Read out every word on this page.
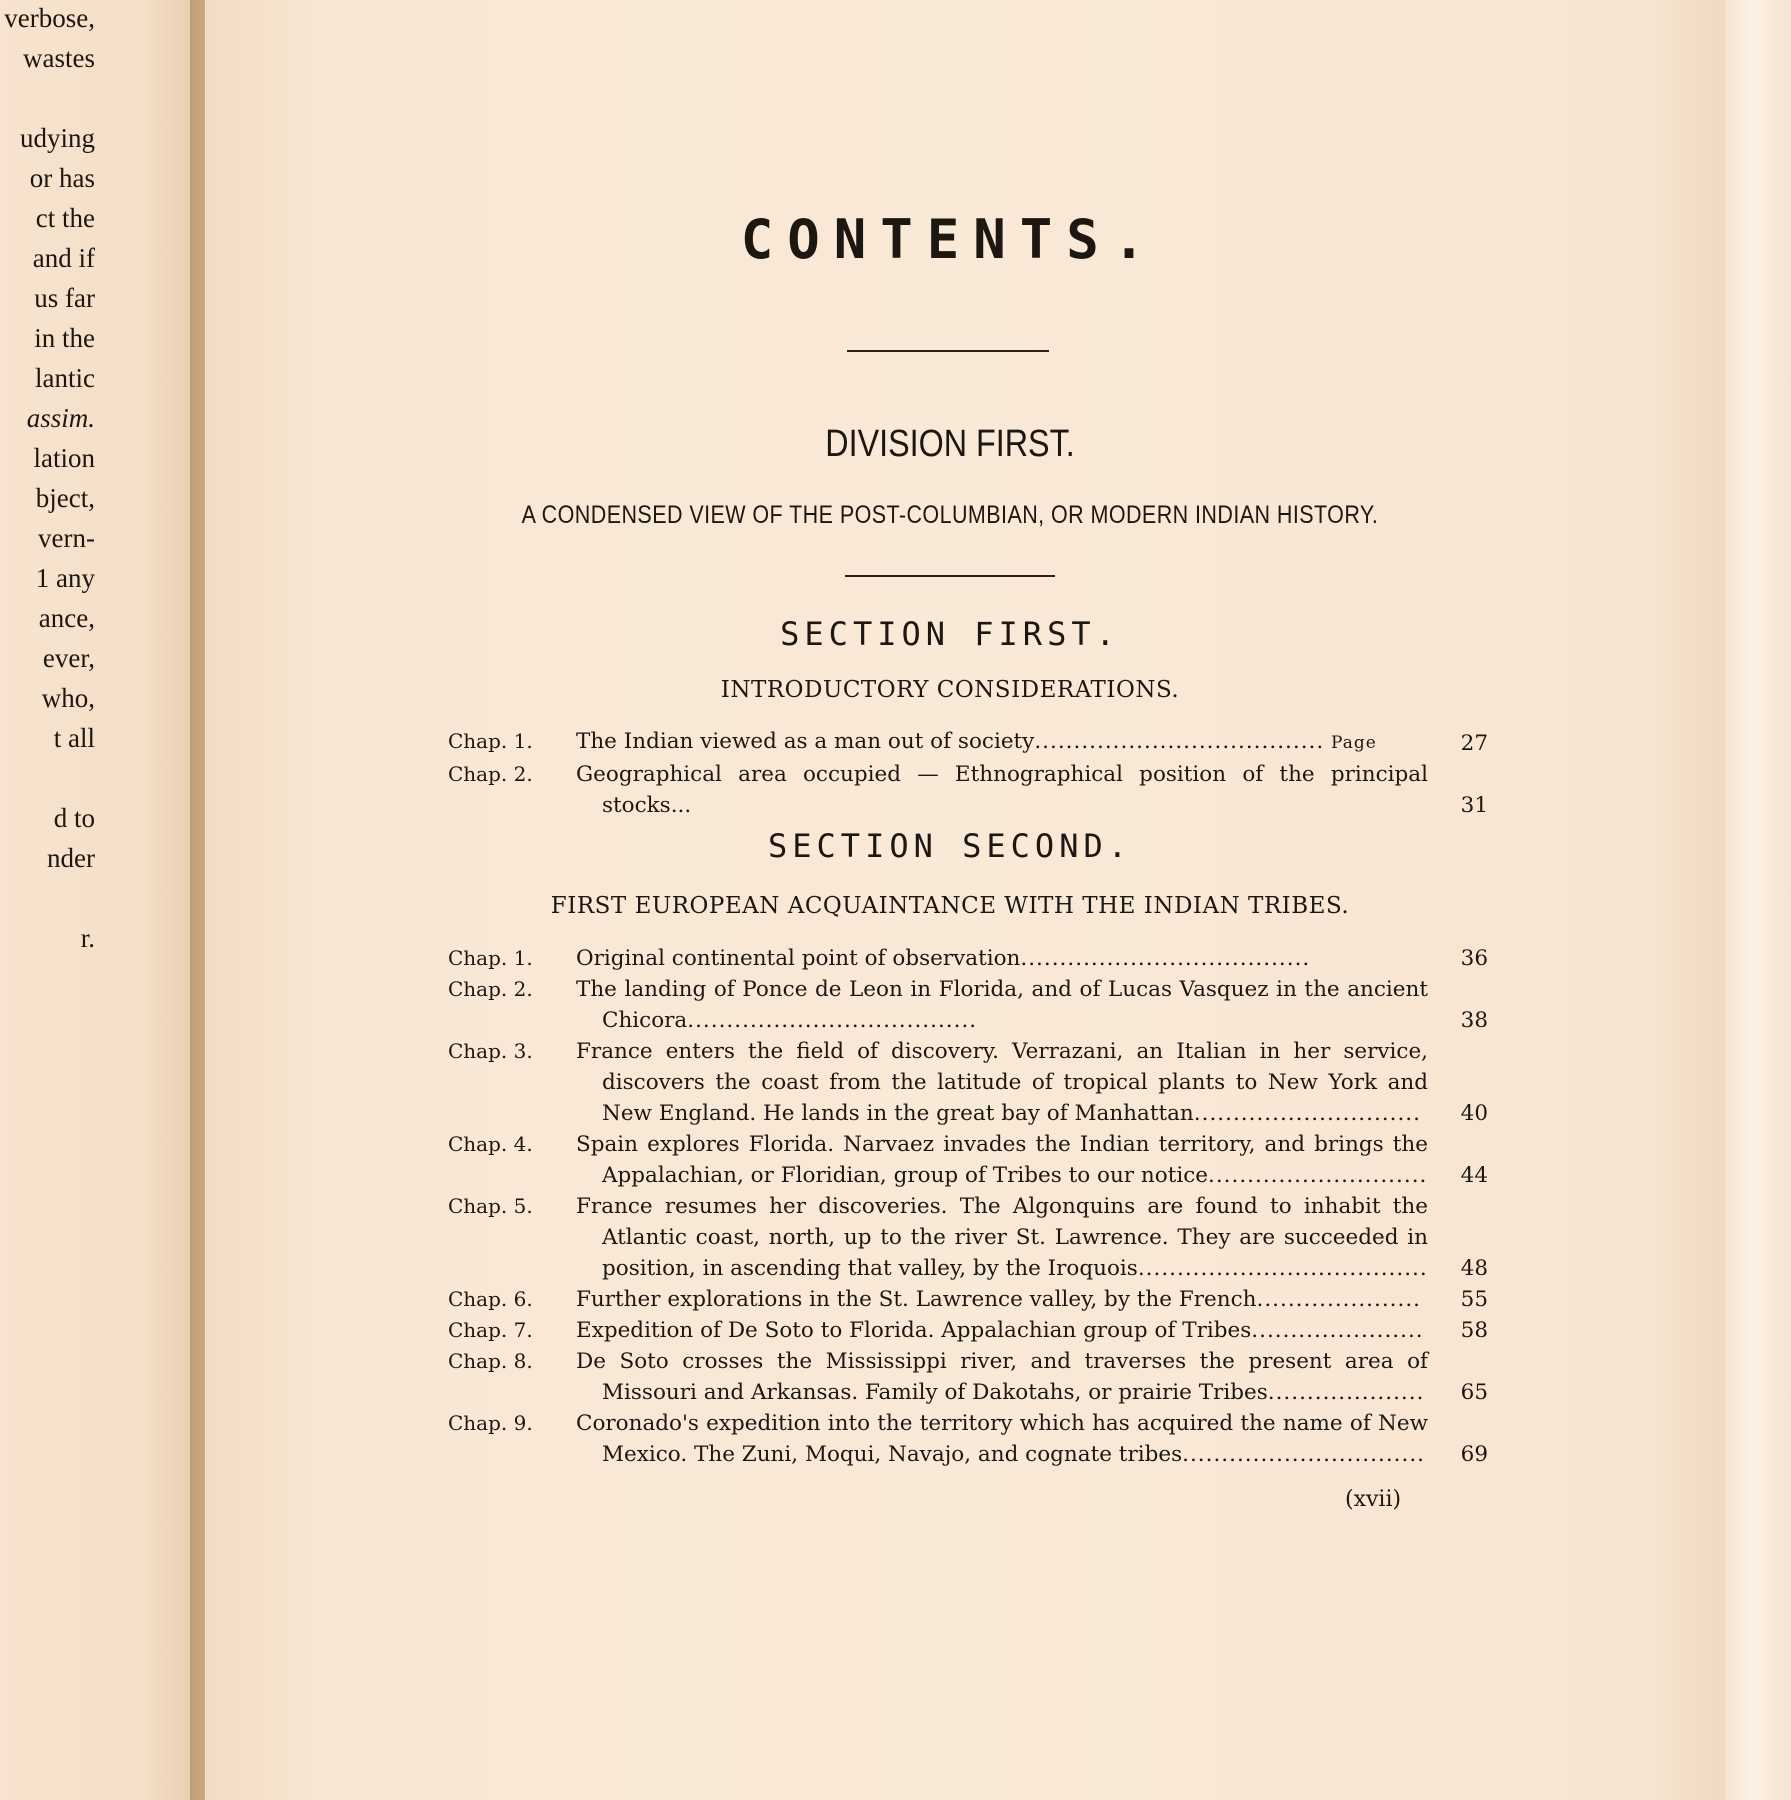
verbose,
wastes
udying
or has
ct the
and if
us far
in the
lantic
assim.
lation
bject,
vern-
1 any
ance,
ever,
who,
t all
d to
nder
r.
CONTENTS.
DIVISION FIRST.
A CONDENSED VIEW OF THE POST-COLUMBIAN, OR MODERN INDIAN HISTORY.
SECTION FIRST.
INTRODUCTORY CONSIDERATIONS.
Chap. 1.	The Indian viewed as a man out of society..................................... Page	27
Chap. 2.	Geographical area occupied — Ethnographical position of the principal stocks...	31
SECTION SECOND.
FIRST EUROPEAN ACQUAINTANCE WITH THE INDIAN TRIBES.
Chap. 1.	Original continental point of observation.....................................	36
Chap. 2.	The landing of Ponce de Leon in Florida, and of Lucas Vasquez in the ancient Chicora.....................................	38
Chap. 3.	France enters the field of discovery. Verrazani, an Italian in her service, discovers the coast from the latitude of tropical plants to New York and New England. He lands in the great bay of Manhattan.............................	40
Chap. 4.	Spain explores Florida. Narvaez invades the Indian territory, and brings the Appalachian, or Floridian, group of Tribes to our notice............................	44
Chap. 5.	France resumes her discoveries. The Algonquins are found to inhabit the Atlantic coast, north, up to the river St. Lawrence. They are succeeded in position, in ascending that valley, by the Iroquois.....................................	48
Chap. 6.	Further explorations in the St. Lawrence valley, by the French.....................	55
Chap. 7.	Expedition of De Soto to Florida. Appalachian group of Tribes......................	58
Chap. 8.	De Soto crosses the Mississippi river, and traverses the present area of Missouri and Arkansas. Family of Dakotahs, or prairie Tribes....................	65
Chap. 9.	Coronado's expedition into the territory which has acquired the name of New Mexico. The Zuni, Moqui, Navajo, and cognate tribes...............................	69
(xvii)
